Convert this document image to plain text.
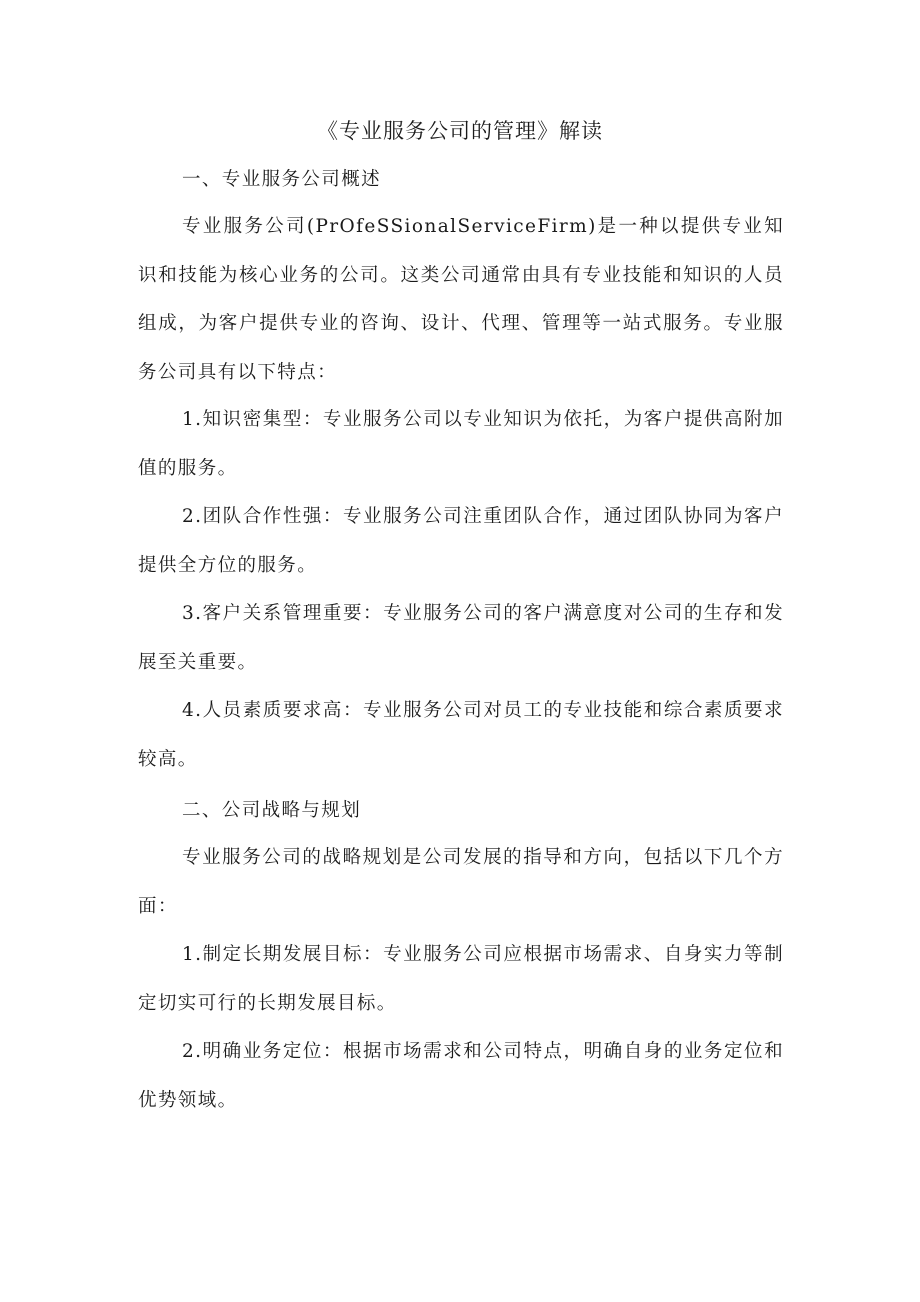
《专业服务公司的管理》解读

一、专业服务公司概述

专业服务公司(PrOfeSSionalServiceFirm)是一种以提供专业知识和技能为核心业务的公司。这类公司通常由具有专业技能和知识的人员组成，为客户提供专业的咨询、设计、代理、管理等一站式服务。专业服务公司具有以下特点：

1.知识密集型：专业服务公司以专业知识为依托，为客户提供高附加值的服务。

2.团队合作性强：专业服务公司注重团队合作，通过团队协同为客户提供全方位的服务。

3.客户关系管理重要：专业服务公司的客户满意度对公司的生存和发展至关重要。

4.人员素质要求高：专业服务公司对员工的专业技能和综合素质要求较高。

二、公司战略与规划

专业服务公司的战略规划是公司发展的指导和方向，包括以下几个方面：

1.制定长期发展目标：专业服务公司应根据市场需求、自身实力等制定切实可行的长期发展目标。

2.明确业务定位：根据市场需求和公司特点，明确自身的业务定位和优势领域。
